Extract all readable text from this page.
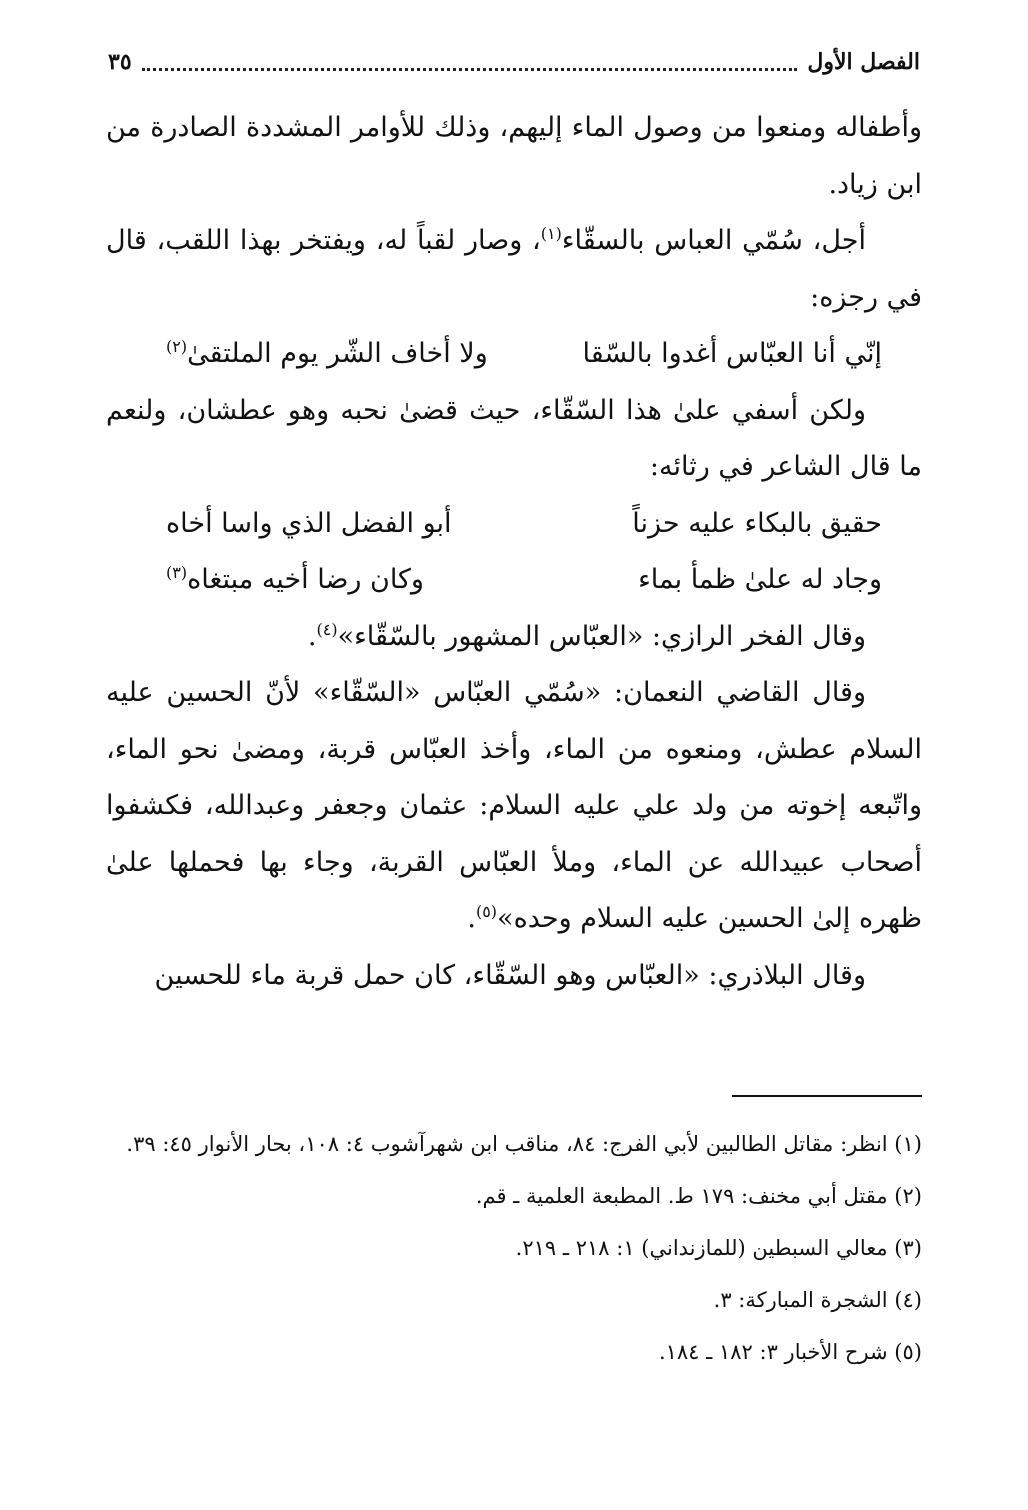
الفصل الأول
٣٥

وأطفاله ومنعوا من وصول الماء إليهم، وذلك للأوامر المشددة الصادرة من ابن زياد.

أجل، سُمّي العباس بالسقّاء$^{(١)}$، وصار لقباً له، ويفتخر بهذا اللقب، قال في رجزه:

إنّي أنا العبّاس أغدوا بالسّقا
ولا أخاف الشّر يوم الملتقىٰ$^{(٢)}$

ولكن أسفي علىٰ هذا السّقّاء، حيث قضىٰ نحبه وهو عطشان، ولنعم ما قال الشاعر في رثائه:

حقيق بالبكاء عليه حزناً
أبو الفضل الذي واسا أخاه
وجاد له علىٰ ظمأ بماء
وكان رضا أخيه مبتغاه$^{(٣)}$

وقال الفخر الرازي: «العبّاس المشهور بالسّقّاء»$^{(٤)}$.

وقال القاضي النعمان: «سُمّي العبّاس «السّقّاء» لأنّ الحسين عليه السلام عطش، ومنعوه من الماء، وأخذ العبّاس قربة، ومضىٰ نحو الماء، واتّبعه إخوته من ولد علي عليه السلام: عثمان وجعفر وعبدالله، فكشفوا أصحاب عبيدالله عن الماء، وملأ العبّاس القربة، وجاء بها فحملها علىٰ ظهره إلىٰ الحسين عليه السلام وحده»$^{(٥)}$.

وقال البلاذري: «العبّاس وهو السّقّاء، كان حمل قربة ماء للحسين

(١) انظر: مقاتل الطالبين لأبي الفرج: ٨٤، مناقب ابن شهرآشوب ٤: ١٠٨، بحار الأنوار ٤٥: ٣٩.

(٢) مقتل أبي مخنف: ١٧٩ ط. المطبعة العلمية ـ قم.

(٣) معالي السبطين (للمازنداني) ١: ٢١٨ ـ ٢١٩.

(٤) الشجرة المباركة: ٣.

(٥) شرح الأخبار ٣: ١٨٢ ـ ١٨٤.
